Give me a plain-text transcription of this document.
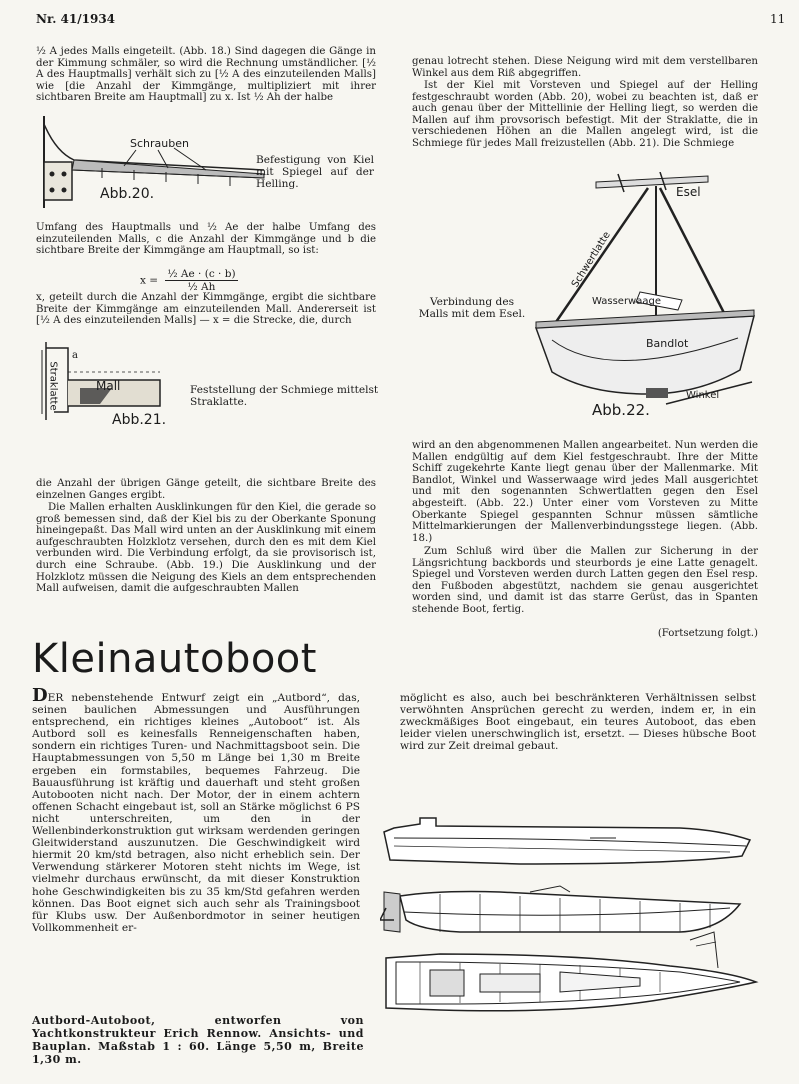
Nr. 41/1934	11

½ A jedes Malls eingeteilt. (Abb. 18.) Sind dagegen die Gänge in der Kimmung schmäler, so wird die Rechnung umständlicher. [½ A des Hauptmalls] verhält sich zu [½ A des einzuteilenden Malls] wie [die Anzahl der Kimmgänge, multipliziert mit ihrer sichtbaren Breite am Hauptmall] zu x. Ist ½ Ah der halbe

Schrauben
Abb.20.
Befestigung von Kiel mit Spiegel auf der Helling.

Umfang des Hauptmalls und ½ Ae der halbe Umfang des einzuteilenden Malls, c die Anzahl der Kimmgänge und b die sichtbare Breite der Kimmgänge am Hauptmall, so ist:

$x = \frac{\text{½ Ae · (c · b)}}{\text{½ Ah}}$

x, geteilt durch die Anzahl der Kimmgänge, ergibt die sichtbare Breite der Kimmgänge am einzuteilenden Mall. Andererseit ist [½ A des einzuteilenden Malls] — x = die Strecke, die, durch

Mall
Straklatte
a
Abb.21.
Feststellung der Schmiege mittelst Straklatte.

die Anzahl der übrigen Gänge geteilt, die sichtbare Breite des einzelnen Ganges ergibt.

Die Mallen erhalten Ausklinkungen für den Kiel, die gerade so groß bemessen sind, daß der Kiel bis zu der Oberkante Sponung hineingepaßt. Das Mall wird unten an der Ausklinkung mit einem aufgeschraubten Holzklotz versehen, durch den es mit dem Kiel verbunden wird. Die Verbindung erfolgt, da sie provisorisch ist, durch eine Schraube. (Abb. 19.) Die Ausklinkung und der Holzklotz müssen die Neigung des Kiels an dem entsprechenden Mall aufweisen, damit die aufgeschraubten Mallen

genau lotrecht stehen. Diese Neigung wird mit dem verstellbaren Winkel aus dem Riß abgegriffen.

Ist der Kiel mit Vorsteven und Spiegel auf der Helling festgeschraubt worden (Abb. 20), wobei zu beachten ist, daß er auch genau über der Mittellinie der Helling liegt, so werden die Mallen auf ihm provsorisch befestigt. Mit der Straklatte, die in verschiedenen Höhen an die Mallen angelegt wird, ist die Schmiege für jedes Mall freizustellen (Abb. 21). Die Schmiege

Esel
Schwertlatte
Wasserwaage
Bandlot
Winkel
Abb.22.
Verbindung des Malls mit dem Esel.

wird an den abgenommenen Mallen angearbeitet. Nun werden die Mallen endgültig auf dem Kiel festgeschraubt. Ihre der Mitte Schiff zugekehrte Kante liegt genau über der Mallenmarke. Mit Bandlot, Winkel und Wasserwaage wird jedes Mall ausgerichtet und mit den sogenannten Schwertlatten gegen den Esel abgesteift. (Abb. 22.) Unter einer vom Vorsteven zu Mitte Oberkante Spiegel gespannten Schnur müssen sämtliche Mittelmarkierungen der Mallenverbindungsstege liegen. (Abb. 18.)

Zum Schluß wird über die Mallen zur Sicherung in der Längsrichtung backbords und steurbords je eine Latte genagelt. Spiegel und Vorsteven werden durch Latten gegen den Esel resp. den Fußboden abgestützt, nachdem sie genau ausgerichtet worden sind, und damit ist das starre Gerüst, das in Spanten stehende Boot, fertig.

(Fortsetzung folgt.)
Kleinautoboot

DER nebenstehende Entwurf zeigt ein „Autbord“, das, seinen baulichen Abmessungen und Ausführungen entsprechend, ein richtiges kleines „Autoboot“ ist. Als Autbord soll es keinesfalls Renneigenschaften haben, sondern ein richtiges Turen- und Nachmittagsboot sein. Die Hauptabmessungen von 5,50 m Länge bei 1,30 m Breite ergeben ein formstabiles, bequemes Fahrzeug. Die Bauausführung ist kräftig und dauerhaft und steht großen Autobooten nicht nach. Der Motor, der in einem achtern offenen Schacht eingebaut ist, soll an Stärke möglichst 6 PS nicht unterschreiten, um den in der Wellenbinderkonstruktion gut wirksam werdenden geringen Gleitwiderstand auszunutzen. Die Geschwindigkeit wird hiermit 20 km/std betragen, also nicht erheblich sein. Der Verwendung stärkerer Motoren steht nichts im Wege, ist vielmehr durchaus erwünscht, da mit dieser Konstruktion hohe Geschwindigkeiten bis zu 35 km/Std gefahren werden können. Das Boot eignet sich auch sehr als Trainingsboot für Klubs usw. Der Außenbordmotor in seiner heutigen Vollkommenheit er-

möglicht es also, auch bei beschränkteren Verhältnissen selbst verwöhnten Ansprüchen gerecht zu werden, indem er, in ein zweckmäßiges Boot eingebaut, ein teures Autoboot, das eben leider vielen unerschwinglich ist, ersetzt. — Dieses hübsche Boot wird zur Zeit dreimal gebaut.

Autbord-Autoboot, entworfen von Yachtkonstrukteur Erich Rennow. Ansichts- und Bauplan. Maßstab 1 : 60. Länge 5,50 m, Breite 1,30 m.
